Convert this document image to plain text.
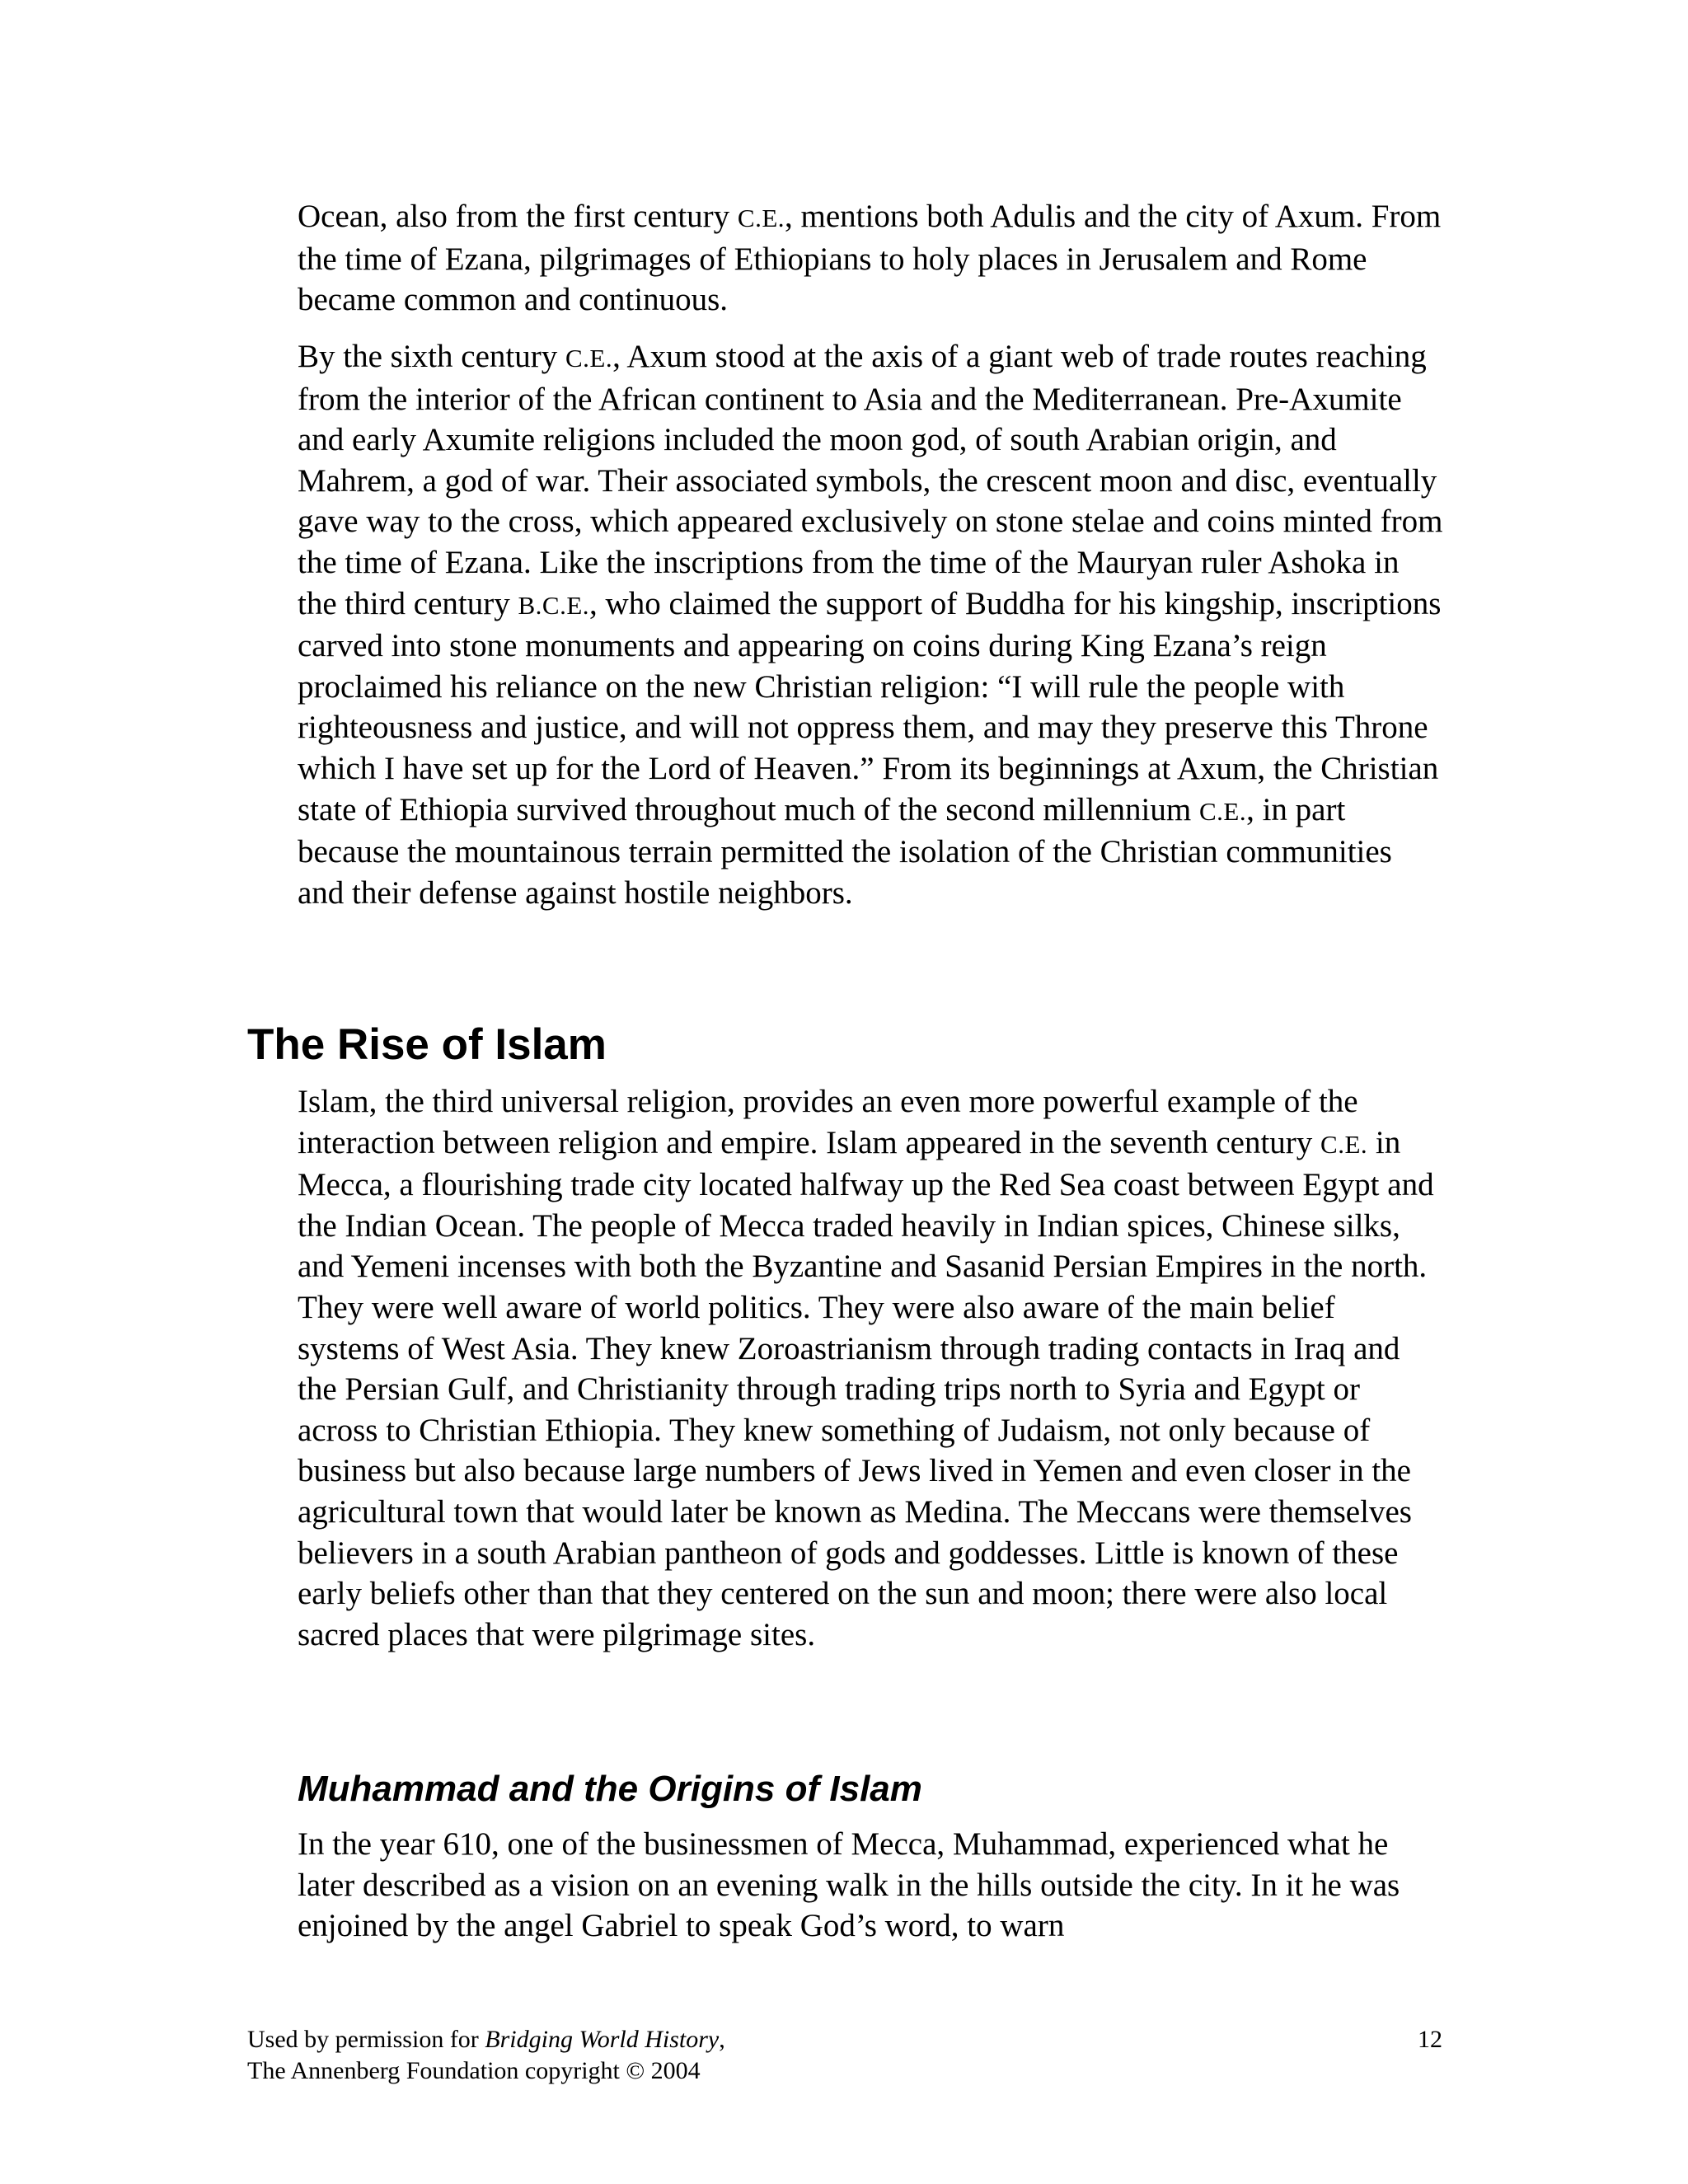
Ocean, also from the first century C.E., mentions both Adulis and the city of Axum. From the time of Ezana, pilgrimages of Ethiopians to holy places in Jerusalem and Rome became common and continuous.

By the sixth century C.E., Axum stood at the axis of a giant web of trade routes reaching from the interior of the African continent to Asia and the Mediterranean. Pre-Axumite and early Axumite religions included the moon god, of south Arabian origin, and Mahrem, a god of war. Their associated symbols, the crescent moon and disc, eventually gave way to the cross, which appeared exclusively on stone stelae and coins minted from the time of Ezana. Like the inscriptions from the time of the Mauryan ruler Ashoka in the third century B.C.E., who claimed the support of Buddha for his kingship, inscriptions carved into stone monuments and appearing on coins during King Ezana’s reign proclaimed his reliance on the new Christian religion: “I will rule the people with righteousness and justice, and will not oppress them, and may they preserve this Throne which I have set up for the Lord of Heaven.” From its beginnings at Axum, the Christian state of Ethiopia survived throughout much of the second millennium C.E., in part because the mountainous terrain permitted the isolation of the Christian communities and their defense against hostile neighbors.

The Rise of Islam

Islam, the third universal religion, provides an even more powerful example of the interaction between religion and empire. Islam appeared in the seventh century C.E. in Mecca, a flourishing trade city located halfway up the Red Sea coast between Egypt and the Indian Ocean. The people of Mecca traded heavily in Indian spices, Chinese silks, and Yemeni incenses with both the Byzantine and Sasanid Persian Empires in the north. They were well aware of world politics. They were also aware of the main belief systems of West Asia. They knew Zoroastrianism through trading contacts in Iraq and the Persian Gulf, and Christianity through trading trips north to Syria and Egypt or across to Christian Ethiopia. They knew something of Judaism, not only because of business but also because large numbers of Jews lived in Yemen and even closer in the agricultural town that would later be known as Medina. The Meccans were themselves believers in a south Arabian pantheon of gods and goddesses. Little is known of these early beliefs other than that they centered on the sun and moon; there were also local sacred places that were pilgrimage sites.

Muhammad and the Origins of Islam

In the year 610, one of the businessmen of Mecca, Muhammad, experienced what he later described as a vision on an evening walk in the hills outside the city. In it he was enjoined by the angel Gabriel to speak God’s word, to warn

Used by permission for Bridging World History,
The Annenberg Foundation copyright © 2004
12
